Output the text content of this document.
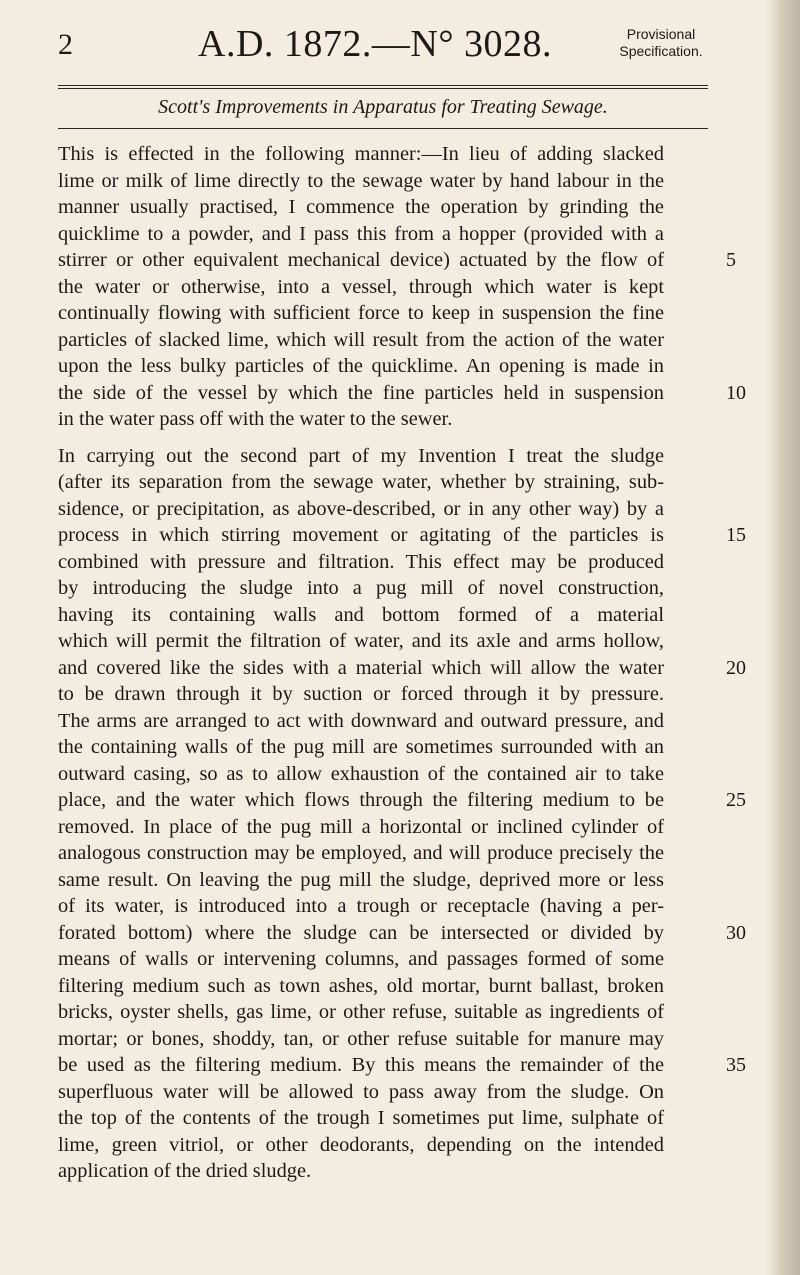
2	A.D. 1872.—N° 3028.	Provisional
Specification.
Scott's Improvements in Apparatus for Treating Sewage.
This is effected in the following manner:—In lieu of adding slacked
lime or milk of lime directly to the sewage water by hand labour in the
manner usually practised, I commence the operation by grinding the
quicklime to a powder, and I pass this from a hopper (provided with a
stirrer or other equivalent mechanical device) actuated by the flow of	5
the water or otherwise, into a vessel, through which water is kept
continually flowing with sufficient force to keep in suspension the fine
particles of slacked lime, which will result from the action of the water
upon the less bulky particles of the quicklime. An opening is made in
the side of the vessel by which the fine particles held in suspension	10
in the water pass off with the water to the sewer.
In carrying out the second part of my Invention I treat the sludge
(after its separation from the sewage water, whether by straining, sub-
sidence, or precipitation, as above-described, or in any other way) by a
process in which stirring movement or agitating of the particles is	15
combined with pressure and filtration. This effect may be produced
by introducing the sludge into a pug mill of novel construction,
having its containing walls and bottom formed of a material
which will permit the filtration of water, and its axle and arms hollow,
and covered like the sides with a material which will allow the water	20
to be drawn through it by suction or forced through it by pressure.
The arms are arranged to act with downward and outward pressure, and
the containing walls of the pug mill are sometimes surrounded with an
outward casing, so as to allow exhaustion of the contained air to take
place, and the water which flows through the filtering medium to be	25
removed. In place of the pug mill a horizontal or inclined cylinder of
analogous construction may be employed, and will produce precisely the
same result. On leaving the pug mill the sludge, deprived more or less
of its water, is introduced into a trough or receptacle (having a per-
forated bottom) where the sludge can be intersected or divided by	30
means of walls or intervening columns, and passages formed of some
filtering medium such as town ashes, old mortar, burnt ballast, broken
bricks, oyster shells, gas lime, or other refuse, suitable as ingredients of
mortar; or bones, shoddy, tan, or other refuse suitable for manure may
be used as the filtering medium. By this means the remainder of the	35
superfluous water will be allowed to pass away from the sludge. On
the top of the contents of the trough I sometimes put lime, sulphate of
lime, green vitriol, or other deodorants, depending on the intended
application of the dried sludge.
